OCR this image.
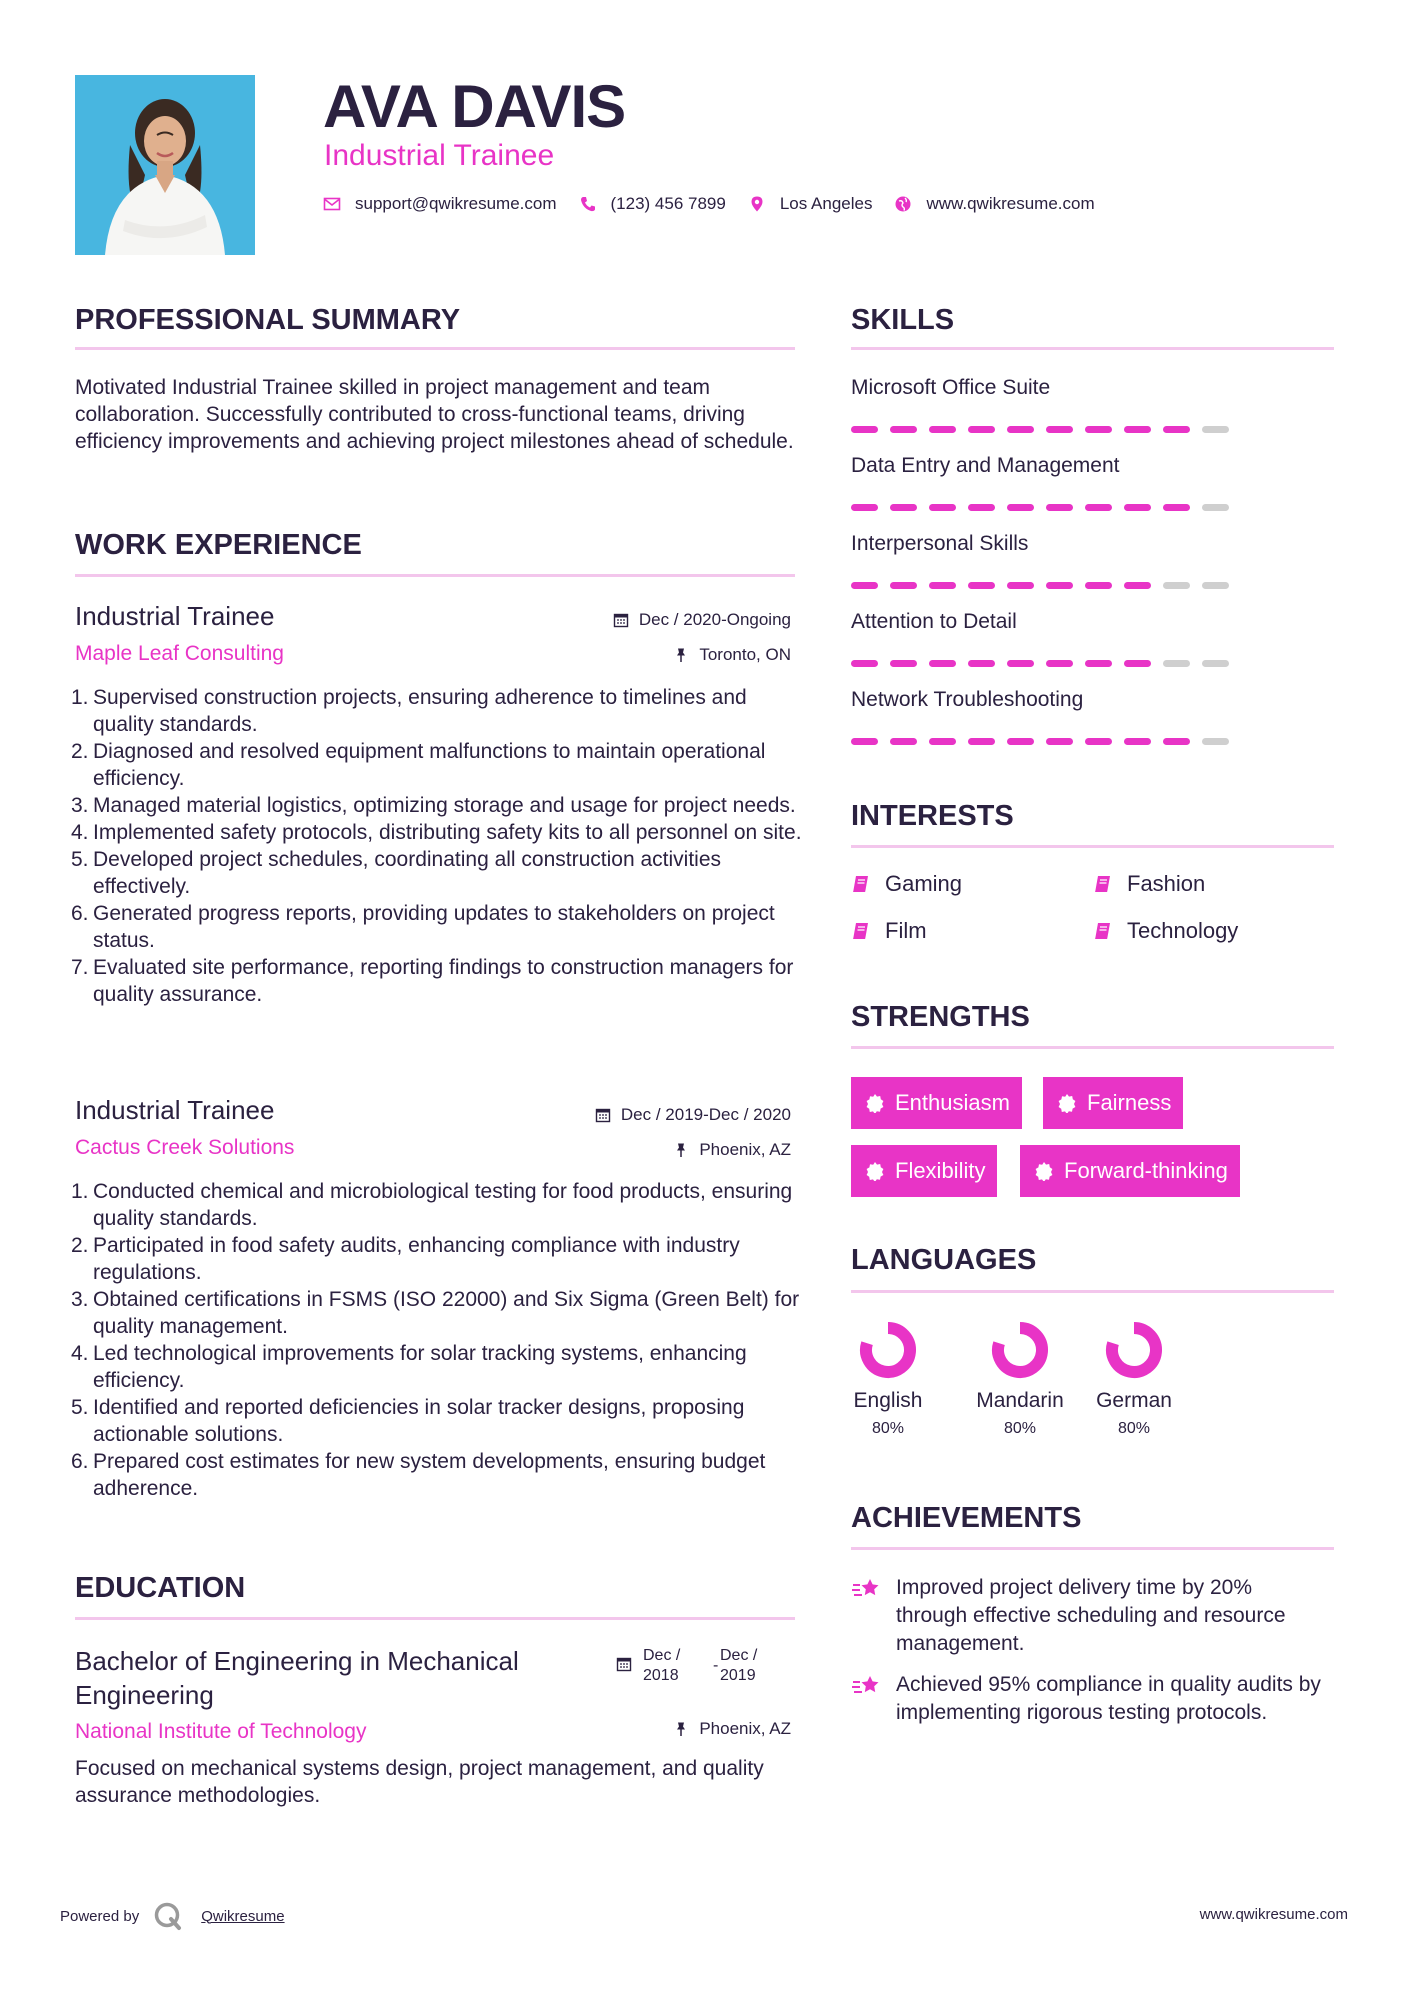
AVA DAVIS
Industrial Trainee
support@qwikresume.com	(123) 456 7899	Los Angeles	www.qwikresume.com
PROFESSIONAL SUMMARY
Motivated Industrial Trainee skilled in project management and team collaboration. Successfully contributed to cross-functional teams, driving efficiency improvements and achieving project milestones ahead of schedule.
WORK EXPERIENCE
Industrial Trainee	Dec / 2020-Ongoing
Maple Leaf Consulting	Toronto, ON
1. Supervised construction projects, ensuring adherence to timelines and quality standards.
2. Diagnosed and resolved equipment malfunctions to maintain operational efficiency.
3. Managed material logistics, optimizing storage and usage for project needs.
4. Implemented safety protocols, distributing safety kits to all personnel on site.
5. Developed project schedules, coordinating all construction activities effectively.
6. Generated progress reports, providing updates to stakeholders on project status.
7. Evaluated site performance, reporting findings to construction managers for quality assurance.
Industrial Trainee	Dec / 2019-Dec / 2020
Cactus Creek Solutions	Phoenix, AZ
1. Conducted chemical and microbiological testing for food products, ensuring quality standards.
2. Participated in food safety audits, enhancing compliance with industry regulations.
3. Obtained certifications in FSMS (ISO 22000) and Six Sigma (Green Belt) for quality management.
4. Led technological improvements for solar tracking systems, enhancing efficiency.
5. Identified and reported deficiencies in solar tracker designs, proposing actionable solutions.
6. Prepared cost estimates for new system developments, ensuring budget adherence.
EDUCATION
Bachelor of Engineering in Mechanical Engineering
Dec /
2018
-
Dec /
2019
National Institute of Technology	Phoenix, AZ
Focused on mechanical systems design, project management, and quality assurance methodologies.
SKILLS
Microsoft Office Suite
Data Entry and Management
Interpersonal Skills
Attention to Detail
Network Troubleshooting
INTERESTS
Gaming	Fashion
Film	Technology
STRENGTHS
Enthusiasm	Fairness
Flexibility	Forward-thinking
LANGUAGES
English
80%
Mandarin
80%
German
80%
ACHIEVEMENTS
Improved project delivery time by 20% through effective scheduling and resource management.
Achieved 95% compliance in quality audits by implementing rigorous testing protocols.
Powered by	Qwikresume	www.qwikresume.com
